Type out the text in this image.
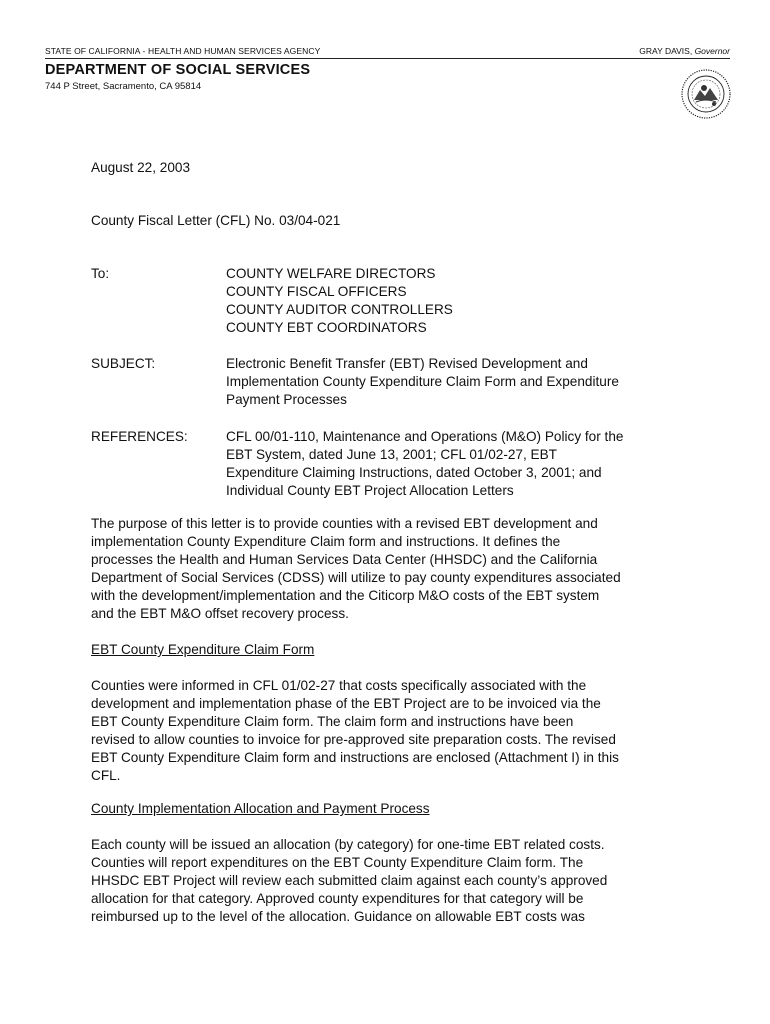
STATE OF CALIFORNIA - HEALTH AND HUMAN SERVICES AGENCY	GRAY DAVIS, Governor
DEPARTMENT OF SOCIAL SERVICES
744 P Street, Sacramento, CA 95814
August 22, 2003
County Fiscal Letter (CFL) No. 03/04-021
To:	COUNTY WELFARE DIRECTORS
COUNTY FISCAL OFFICERS
COUNTY AUDITOR CONTROLLERS
COUNTY EBT COORDINATORS
SUBJECT:	Electronic Benefit Transfer (EBT) Revised Development and
Implementation County Expenditure Claim Form and Expenditure
Payment Processes
REFERENCES:	CFL 00/01-110, Maintenance and Operations (M&O) Policy for the
EBT System, dated June 13, 2001; CFL 01/02-27, EBT
Expenditure Claiming Instructions, dated October 3, 2001; and
Individual County EBT Project Allocation Letters
The purpose of this letter is to provide counties with a revised EBT development and
implementation County Expenditure Claim form and instructions. It defines the
processes the Health and Human Services Data Center (HHSDC) and the California
Department of Social Services (CDSS) will utilize to pay county expenditures associated
with the development/implementation and the Citicorp M&O costs of the EBT system
and the EBT M&O offset recovery process.
EBT County Expenditure Claim Form
Counties were informed in CFL 01/02-27 that costs specifically associated with the
development and implementation phase of the EBT Project are to be invoiced via the
EBT County Expenditure Claim form. The claim form and instructions have been
revised to allow counties to invoice for pre-approved site preparation costs. The revised
EBT County Expenditure Claim form and instructions are enclosed (Attachment I) in this
CFL.
County Implementation Allocation and Payment Process
Each county will be issued an allocation (by category) for one-time EBT related costs.
Counties will report expenditures on the EBT County Expenditure Claim form. The
HHSDC EBT Project will review each submitted claim against each county’s approved
allocation for that category. Approved county expenditures for that category will be
reimbursed up to the level of the allocation. Guidance on allowable EBT costs was
